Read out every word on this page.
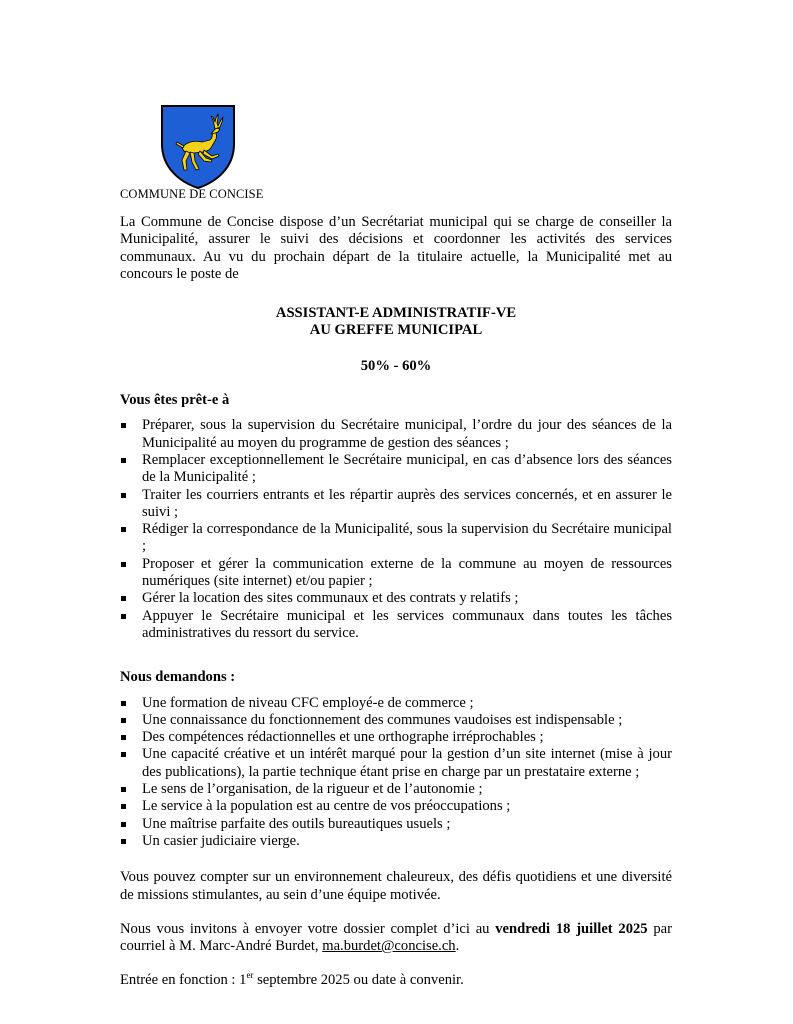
COMMUNE DE CONCISE

La Commune de Concise dispose d’un Secrétariat municipal qui se charge de conseiller la Municipalité, assurer le suivi des décisions et coordonner les activités des services communaux. Au vu du prochain départ de la titulaire actuelle, la Municipalité met au concours le poste de

ASSISTANT-E ADMINISTRATIF-VE

AU GREFFE MUNICIPAL

50% - 60%

Vous êtes prêt-e à
Préparer, sous la supervision du Secrétaire municipal, l’ordre du jour des séances de la Municipalité au moyen du programme de gestion des séances ;
Remplacer exceptionnellement le Secrétaire municipal, en cas d’absence lors des séances de la Municipalité ;
Traiter les courriers entrants et les répartir auprès des services concernés, et en assurer le suivi ;
Rédiger la correspondance de la Municipalité, sous la supervision du Secrétaire municipal ;
Proposer et gérer la communication externe de la commune au moyen de ressources numériques (site internet) et/ou papier ;
Gérer la location des sites communaux et des contrats y relatifs ;
Appuyer le Secrétaire municipal et les services communaux dans toutes les tâches administratives du ressort du service.
Nous demandons :
Une formation de niveau CFC employé-e de commerce ;
Une connaissance du fonctionnement des communes vaudoises est indispensable ;
Des compétences rédactionnelles et une orthographe irréprochables ;
Une capacité créative et un intérêt marqué pour la gestion d’un site internet (mise à jour des publications), la partie technique étant prise en charge par un prestataire externe ;
Le sens de l’organisation, de la rigueur et de l’autonomie ;
Le service à la population est au centre de vos préoccupations ;
Une maîtrise parfaite des outils bureautiques usuels ;
Un casier judiciaire vierge.

Vous pouvez compter sur un environnement chaleureux, des défis quotidiens et une diversité de missions stimulantes, au sein d’une équipe motivée.

Nous vous invitons à envoyer votre dossier complet d’ici au vendredi 18 juillet 2025 par courriel à M. Marc-André Burdet, ma.burdet@concise.ch.

Entrée en fonction : 1er septembre 2025 ou date à convenir.
